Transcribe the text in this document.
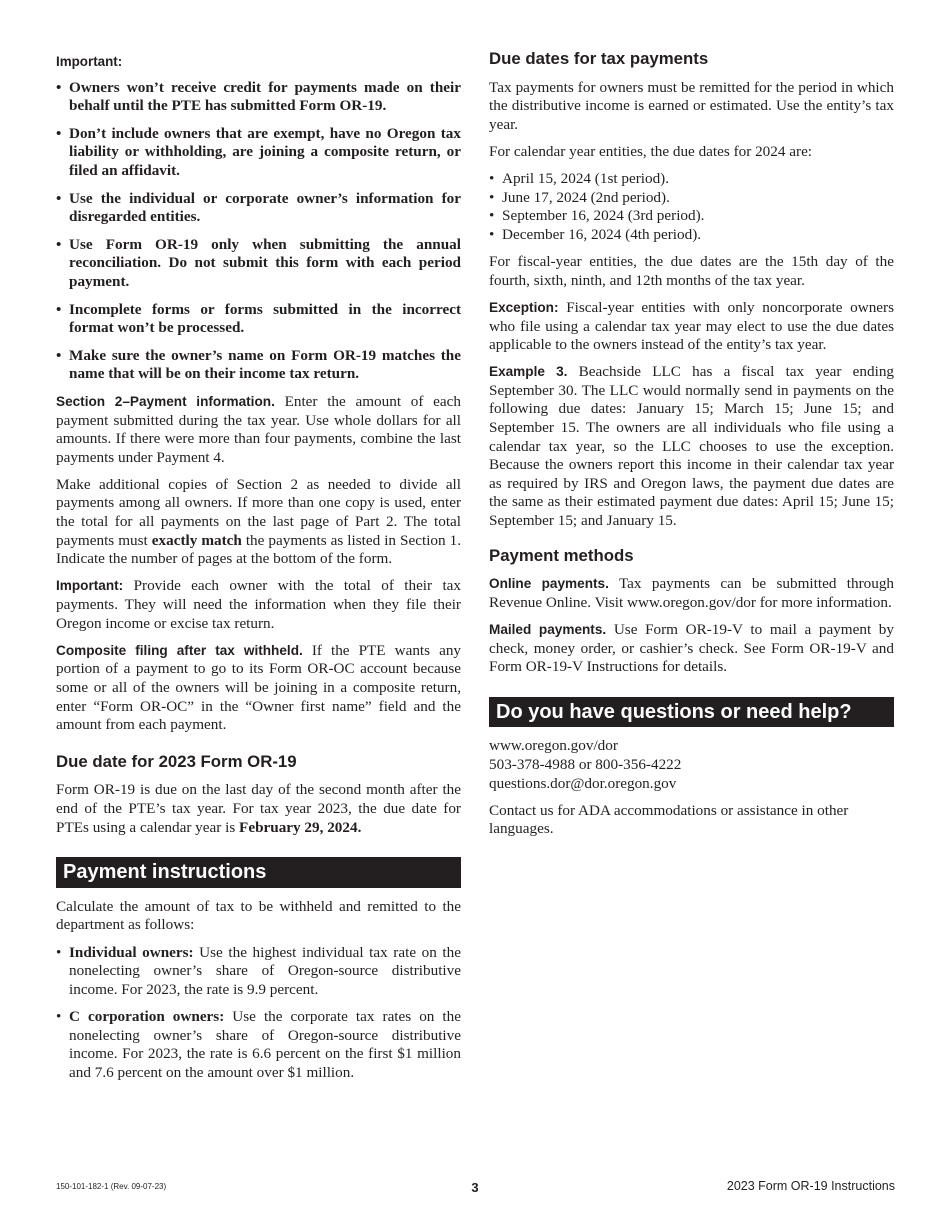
Important:
• Owners won’t receive credit for payments made on their behalf until the PTE has submitted Form OR-19.
• Don’t include owners that are exempt, have no Oregon tax liability or withholding, are joining a composite return, or filed an affidavit.
• Use the individual or corporate owner’s information for disregarded entities.
• Use Form OR-19 only when submitting the annual reconciliation. Do not submit this form with each period payment.
• Incomplete forms or forms submitted in the incorrect format won’t be processed.
• Make sure the owner’s name on Form OR-19 matches the name that will be on their income tax return.

Section 2–Payment information. Enter the amount of each payment submitted during the tax year. Use whole dollars for all amounts. If there were more than four payments, combine the last payments under Payment 4.

Make additional copies of Section 2 as needed to divide all payments among all owners. If more than one copy is used, enter the total for all payments on the last page of Part 2. The total payments must exactly match the payments as listed in Section 1. Indicate the number of pages at the bottom of the form.

Important: Provide each owner with the total of their tax payments. They will need the information when they file their Oregon income or excise tax return.

Composite filing after tax withheld. If the PTE wants any portion of a payment to go to its Form OR-OC account because some or all of the owners will be joining in a composite return, enter “Form OR-OC” in the “Owner first name” field and the amount from each payment.

Due date for 2023 Form OR-19

Form OR-19 is due on the last day of the second month after the end of the PTE’s tax year. For tax year 2023, the due date for PTEs using a calendar year is February 29, 2024.

Payment instructions

Calculate the amount of tax to be withheld and remitted to the department as follows:

• Individual owners: Use the highest individual tax rate on the nonelecting owner’s share of Oregon-source distributive income. For 2023, the rate is 9.9 percent.
• C corporation owners: Use the corporate tax rates on the nonelecting owner’s share of Oregon-source distributive income. For 2023, the rate is 6.6 percent on the first $1 million and 7.6 percent on the amount over $1 million.
Due dates for tax payments

Tax payments for owners must be remitted for the period in which the distributive income is earned or estimated. Use the entity’s tax year.

For calendar year entities, the due dates for 2024 are:

• April 15, 2024 (1st period).
• June 17, 2024 (2nd period).
• September 16, 2024 (3rd period).
• December 16, 2024 (4th period).

For fiscal-year entities, the due dates are the 15th day of the fourth, sixth, ninth, and 12th months of the tax year.

Exception: Fiscal-year entities with only noncorporate owners who file using a calendar tax year may elect to use the due dates applicable to the owners instead of the entity’s tax year.

Example 3. Beachside LLC has a fiscal tax year ending September 30. The LLC would normally send in payments on the following due dates: January 15; March 15; June 15; and September 15. The owners are all individuals who file using a calendar tax year, so the LLC chooses to use the exception. Because the owners report this income in their calendar tax year as required by IRS and Oregon laws, the payment due dates are the same as their estimated payment due dates: April 15; June 15; September 15; and January 15.

Payment methods

Online payments. Tax payments can be submitted through Revenue Online. Visit www.oregon.gov/dor for more information.

Mailed payments. Use Form OR-19-V to mail a payment by check, money order, or cashier’s check. See Form OR-19-V and Form OR-19-V Instructions for details.

Do you have questions or need help?

www.oregon.gov/dor

503-378-4988 or 800-356-4222

questions.dor@dor.oregon.gov

Contact us for ADA accommodations or assistance in other languages.

150-101-182-1 (Rev. 09-07-23)	3	2023 Form OR-19 Instructions
